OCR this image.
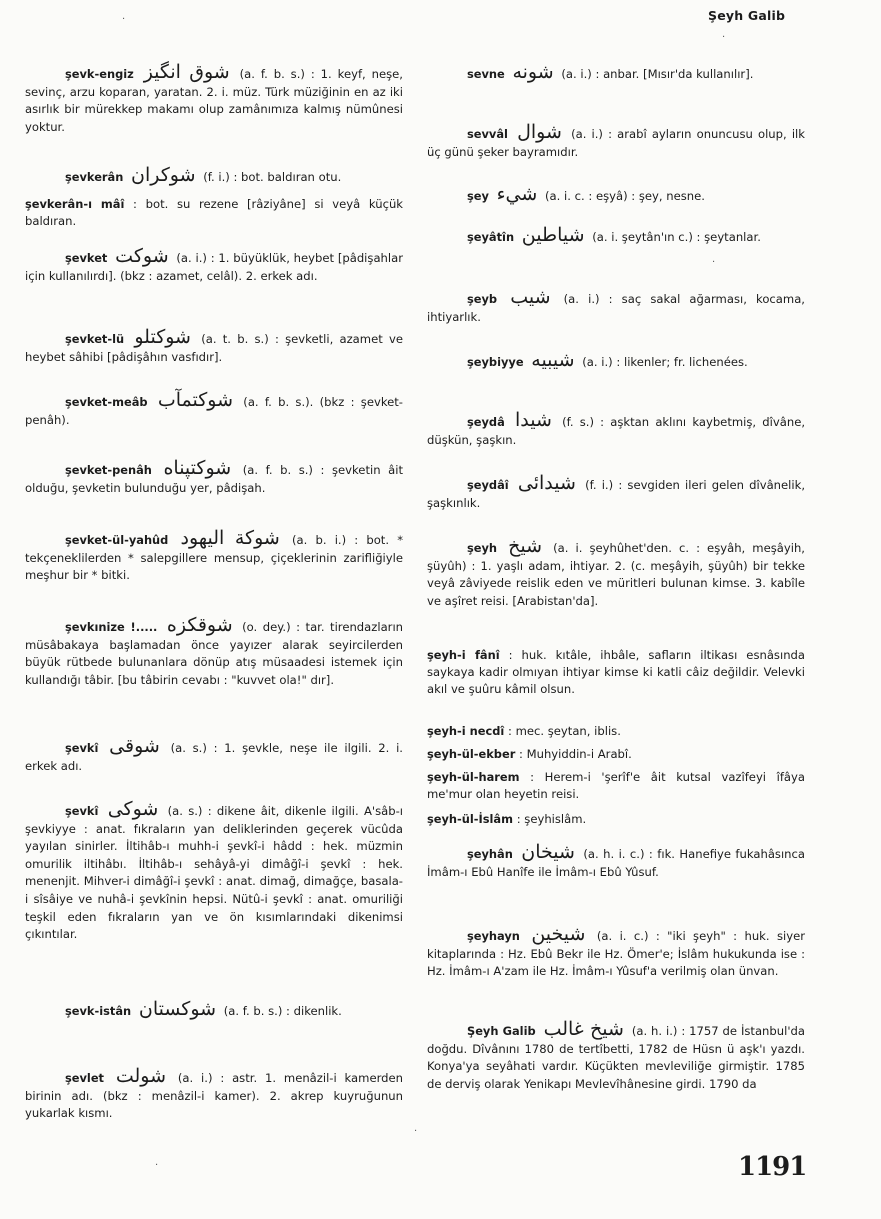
Şeyh Galib
şevk-engiz شوق انگيز (a. f. b. s.) : 1. keyf, neşe, sevinç, arzu koparan, yaratan. 2. i. müz. Türk müziğinin en az iki asırlık bir mürekkep makamı olup zamânımıza kalmış nümûnesi yoktur.
şevkerân شوكران (f. i.) : bot. baldıran otu.
şevkerân-ı mâî : bot. su rezene [râziyâne] si veyâ küçük baldıran.
şevket شوكت (a. i.) : 1. büyüklük, heybet [pâdişahlar için kullanılırdı]. (bkz : azamet, celâl). 2. erkek adı.
şevket-lü شوكتلو (a. t. b. s.) : şevketli, azamet ve heybet sâhibi [pâdişâhın vasfıdır].
şevket-meâb شوكتمآب (a. f. b. s.). (bkz : şevket-penâh).
şevket-penâh شوكتپناه (a. f. b. s.) : şevketin âit olduğu, şevketin bulunduğu yer, pâdişah.
şevket-ül-yahûd شوكة اليهود (a. b. i.) : bot. * tekçeneklilerden * salepgillere mensup, çiçeklerinin zarifliğiyle meşhur bir * bitki.
şevkınize !..... شوقكزه (o. dey.) : tar. tirendazların müsâbakaya başlamadan önce yayızer alarak seyircilerden büyük rütbede bulunanlara dönüp atış müsaadesi istemek için kullandığı tâbir. [bu tâbirin cevabı : "kuvvet ola!" dır].
şevkî شوقى (a. s.) : 1. şevkle, neşe ile ilgili. 2. i. erkek adı.
şevkî شوكى (a. s.) : dikene âit, dikenle ilgili. A'sâb-ı şevkiyye : anat. fıkraların yan deliklerinden geçerek vücûda yayılan sinirler. İltihâb-ı muhh-i şevkî-i hâdd : hek. müzmin omurilik iltihâbı. İltihâb-ı sehâyâ-yi dimâğî-i şevkî : hek. menenjit. Mihver-i dimâğî-i şevkî : anat. dimağ, dimağçe, basala-i sîsâiye ve nuhâ-i şevkînin hepsi. Nütû-i şevkî : anat. omuriliği teşkil eden fıkraların yan ve ön kısımlarındaki dikenimsi çıkıntılar.
şevk-istân شوكستان (a. f. b. s.) : dikenlik.
şevlet شولت (a. i.) : astr. 1. menâzil-i kamerden birinin adı. (bkz : menâzil-i kamer). 2. akrep kuyruğunun yukarlak kısmı.
sevne شونه (a. i.) : anbar. [Mısır'da kullanılır].
sevvâl شوال (a. i.) : arabî ayların onuncusu olup, ilk üç günü şeker bayramıdır.
şey شيء (a. i. c. : eşyâ) : şey, nesne.
şeyâtîn شياطين (a. i. şeytân'ın c.) : şeytanlar.
şeyb شيب (a. i.) : saç sakal ağarması, kocama, ihtiyarlık.
şeybiyye شيبيه (a. i.) : likenler; fr. lichenées.
şeydâ شيدا (f. s.) : aşktan aklını kaybetmiş, dîvâne, düşkün, şaşkın.
şeydâî شيدائى (f. i.) : sevgiden ileri gelen dîvânelik, şaşkınlık.
şeyh شيخ (a. i. şeyhûhet'den. c. : eşyâh, meşâyih, şüyûh) : 1. yaşlı adam, ihtiyar. 2. (c. meşâyih, şüyûh) bir tekke veyâ zâviyede reislik eden ve müritleri bulunan kimse. 3. kabîle ve aşîret reisi. [Arabistan'da].
şeyh-i fânî : huk. kıtâle, ihbâle, safların iltikası esnâsında saykaya kadir olmıyan ihtiyar kimse ki katli câiz değildir. Velevki akıl ve şuûru kâmil olsun.
şeyh-i necdî : mec. şeytan, iblis.
şeyh-ül-ekber : Muhyiddin-i Arabî.
şeyh-ül-harem : Herem-i 'şerîf'e âit kutsal vazîfeyi îfâya me'mur olan heyetin reisi.
şeyh-ül-İslâm : şeyhislâm.
şeyhân شيخان (a. h. i. c.) : fık. Hanefiye fukahâsınca İmâm-ı Ebû Hanîfe ile İmâm-ı Ebû Yûsuf.
şeyhayn شيخين (a. i. c.) : "iki şeyh" : huk. siyer kitaplarında : Hz. Ebû Bekr ile Hz. Ömer'e; İslâm hukukunda ise : Hz. İmâm-ı A'zam ile Hz. İmâm-ı Yûsuf'a verilmiş olan ünvan.
Şeyh Galib شيخ غالب (a. h. i.) : 1757 de İstanbul'da doğdu. Dîvânını 1780 de tertîbetti, 1782 de Hüsn ü aşk'ı yazdı. Konya'ya seyâhati vardır. Küçükten mevleviliğe girmiştir. 1785 de derviş olarak Yenikapı Mevlevîhânesine girdi. 1790 da
1191
·
·
·
·
·
